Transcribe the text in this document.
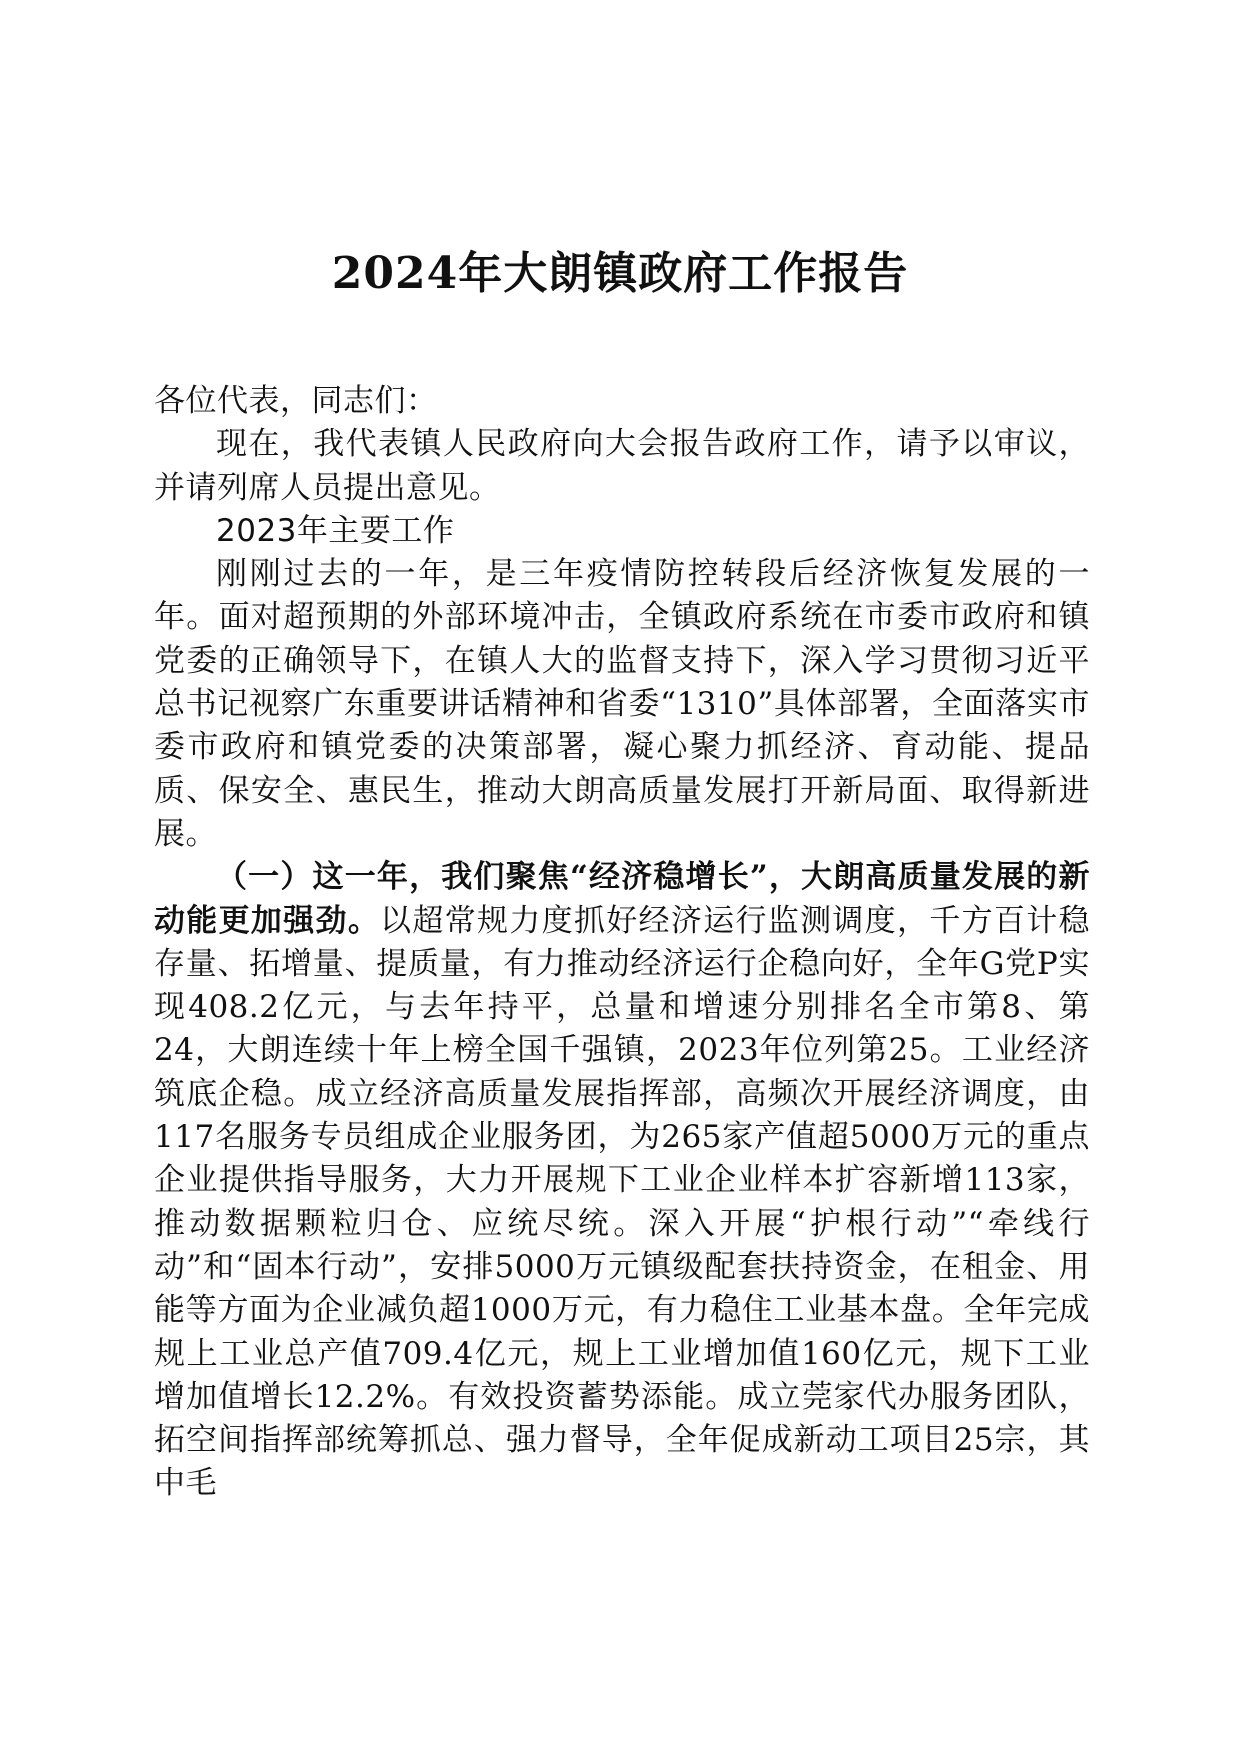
2024年大朗镇政府工作报告

各位代表，同志们：

现在，我代表镇人民政府向大会报告政府工作，请予以审议，并请列席人员提出意见。

2023年主要工作

刚刚过去的一年，是三年疫情防控转段后经济恢复发展的一年。面对超预期的外部环境冲击，全镇政府系统在市委市政府和镇党委的正确领导下，在镇人大的监督支持下，深入学习贯彻习近平总书记视察广东重要讲话精神和省委“1310”具体部署，全面落实市委市政府和镇党委的决策部署，凝心聚力抓经济、育动能、提品质、保安全、惠民生，推动大朗高质量发展打开新局面、取得新进展。

（一）这一年，我们聚焦“经济稳增长”，大朗高质量发展的新动能更加强劲。以超常规力度抓好经济运行监测调度，千方百计稳存量、拓增量、提质量，有力推动经济运行企稳向好，全年G党P实现408.2亿元，与去年持平，总量和增速分别排名全市第8、第24，大朗连续十年上榜全国千强镇，2023年位列第25。工业经济筑底企稳。成立经济高质量发展指挥部，高频次开展经济调度，由117名服务专员组成企业服务团，为265家产值超5000万元的重点企业提供指导服务，大力开展规下工业企业样本扩容新增113家，推动数据颗粒归仓、应统尽统。深入开展“护根行动”“牵线行动”和“固本行动”，安排5000万元镇级配套扶持资金，在租金、用能等方面为企业减负超1000万元，有力稳住工业基本盘。全年完成规上工业总产值709.4亿元，规上工业增加值160亿元，规下工业增加值增长12.2%。有效投资蓄势添能。成立莞家代办服务团队，拓空间指挥部统筹抓总、强力督导，全年促成新动工项目25宗，其中毛
